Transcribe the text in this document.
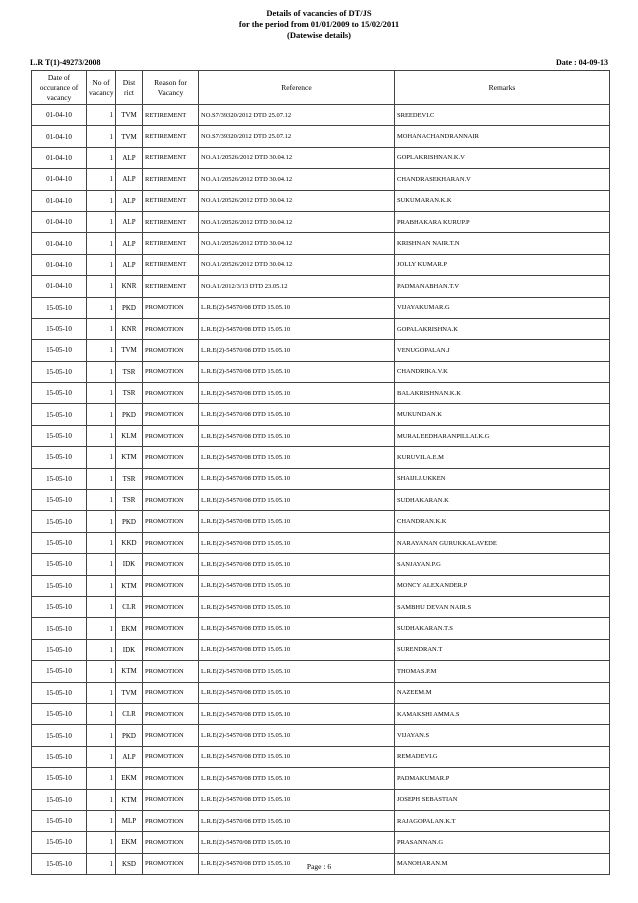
Details of vacancies of DT/JS
for the period from 01/01/2009 to 15/02/2011
(Datewise details)
L.R T(1)-49273/2008	Date : 04-09-13
Date of occurance of vacancy	No of vacancy	Dist rict	Reason for Vacancy	Reference	Remarks
01-04-10	1	TVM	RETIREMENT	NO.S7/39320/2012 DTD 25.07.12	SREEDEVI.C
01-04-10	1	TVM	RETIREMENT	NO.S7/39320/2012 DTD 25.07.12	MOHANACHANDRANNAIR
01-04-10	1	ALP	RETIREMENT	NO.A1/20526/2012 DTD 30.04.12	GOPLAKRISHNAN.K.V
01-04-10	1	ALP	RETIREMENT	NO.A1/20526/2012 DTD 30.04.12	CHANDRASEKHARAN.V
01-04-10	1	ALP	RETIREMENT	NO.A1/20526/2012 DTD 30.04.12	SUKUMARAN.K.K
01-04-10	1	ALP	RETIREMENT	NO.A1/20526/2012 DTD 30.04.12	PRABHAKARA KURUP.P
01-04-10	1	ALP	RETIREMENT	NO.A1/20526/2012 DTD 30.04.12	KRISHNAN NAIR.T.N
01-04-10	1	ALP	RETIREMENT	NO.A1/20526/2012 DTD 30.04.12	JOLLY KUMAR.P
01-04-10	1	KNR	RETIREMENT	NO.A1/2012/3/13 DTD 23.05.12	PADMANABHAN.T.V
15-05-10	1	PKD	PROMOTION	L.R.E(2)-54570/08 DTD 15.05.10	VIJAYAKUMAR.G
15-05-10	1	KNR	PROMOTION	L.R.E(2)-54570/08 DTD 15.05.10	GOPALAKRISHNA.K
15-05-10	1	TVM	PROMOTION	L.R.E(2)-54570/08 DTD 15.05.10	VENUGOPALAN.J
15-05-10	1	TSR	PROMOTION	L.R.E(2)-54570/08 DTD 15.05.10	CHANDRIKA.V.K
15-05-10	1	TSR	PROMOTION	L.R.E(2)-54570/08 DTD 15.05.10	BALAKRISHNAN.K.K
15-05-10	1	PKD	PROMOTION	L.R.E(2)-54570/08 DTD 15.05.10	MUKUNDAN.K
15-05-10	1	KLM	PROMOTION	L.R.E(2)-54570/08 DTD 15.05.10	MURALEEDHARANPILLAI.K.G
15-05-10	1	KTM	PROMOTION	L.R.E(2)-54570/08 DTD 15.05.10	KURUVILA.E.M
15-05-10	1	TSR	PROMOTION	L.R.E(2)-54570/08 DTD 15.05.10	SHAIJI.J.UKKEN
15-05-10	1	TSR	PROMOTION	L.R.E(2)-54570/08 DTD 15.05.10	SUDHAKARAN.K
15-05-10	1	PKD	PROMOTION	L.R.E(2)-54570/08 DTD 15.05.10	CHANDRAN.K.K
15-05-10	1	KKD	PROMOTION	L.R.E(2)-54570/08 DTD 15.05.10	NARAYANAN GURUKKALAVEDE
15-05-10	1	IDK	PROMOTION	L.R.E(2)-54570/08 DTD 15.05.10	SANJAYAN.P.G
15-05-10	1	KTM	PROMOTION	L.R.E(2)-54570/08 DTD 15.05.10	MONCY ALEXANDER.P
15-05-10	1	CLR	PROMOTION	L.R.E(2)-54570/08 DTD 15.05.10	SAMBHU DEVAN NAIR.S
15-05-10	1	EKM	PROMOTION	L.R.E(2)-54570/08 DTD 15.05.10	SUDHAKARAN.T.S
15-05-10	1	IDK	PROMOTION	L.R.E(2)-54570/08 DTD 15.05.10	SURENDRAN.T
15-05-10	1	KTM	PROMOTION	L.R.E(2)-54570/08 DTD 15.05.10	THOMAS.P.M
15-05-10	1	TVM	PROMOTION	L.R.E(2)-54570/08 DTD 15.05.10	NAZEEM.M
15-05-10	1	CLR	PROMOTION	L.R.E(2)-54570/08 DTD 15.05.10	KAMAKSHI AMMA.S
15-05-10	1	PKD	PROMOTION	L.R.E(2)-54570/08 DTD 15.05.10	VIJAYAN.S
15-05-10	1	ALP	PROMOTION	L.R.E(2)-54570/08 DTD 15.05.10	REMADEVI.G
15-05-10	1	EKM	PROMOTION	L.R.E(2)-54570/08 DTD 15.05.10	PADMAKUMAR.P
15-05-10	1	KTM	PROMOTION	L.R.E(2)-54570/08 DTD 15.05.10	JOSEPH SEBASTIAN
15-05-10	1	MLP	PROMOTION	L.R.E(2)-54570/08 DTD 15.05.10	RAJAGOPALAN.K.T
15-05-10	1	EKM	PROMOTION	L.R.E(2)-54570/08 DTD 15.05.10	PRASANNAN.G
15-05-10	1	KSD	PROMOTION	L.R.E(2)-54570/08 DTD 15.05.10	MANOHARAN.M
Page : 6
